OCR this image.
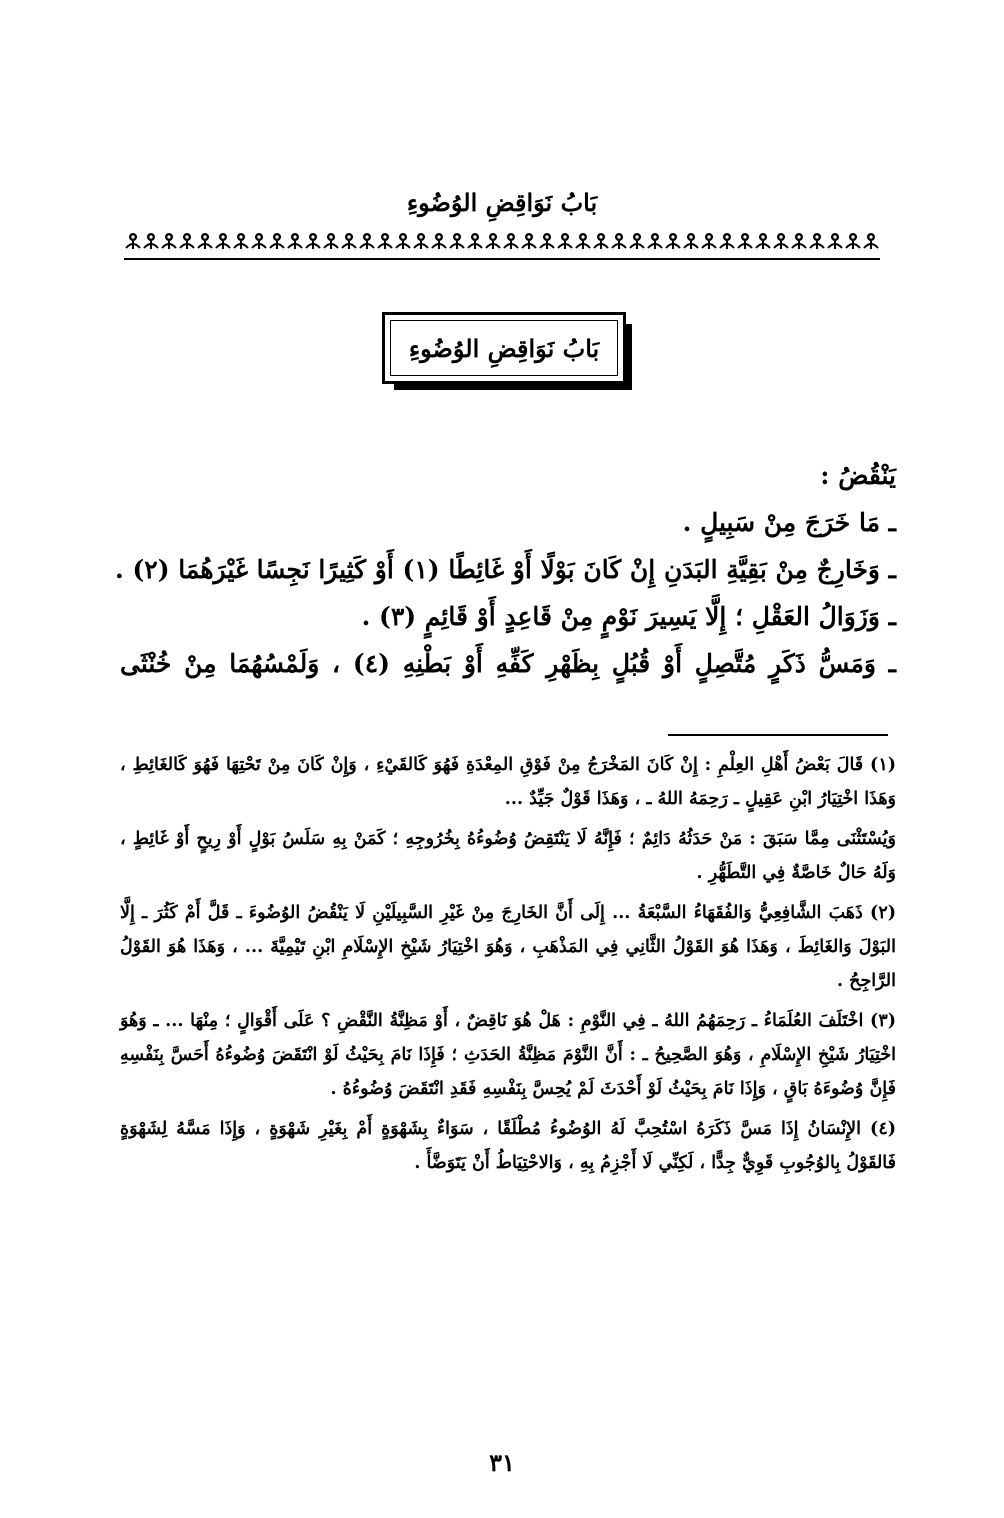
بَابُ نَوَاقِضِ الوُضُوءِ
بَابُ نَوَاقِضِ الوُضُوءِ
يَنْقُضُ :
ـ مَا خَرَجَ مِنْ سَبِيلٍ .
ـ وَخَارِجٌ مِنْ بَقِيَّةِ البَدَنِ إِنْ كَانَ بَوْلًا أَوْ غَائِطًا (١) أَوْ كَثِيرًا نَجِسًا غَيْرَهُمَا (٢) .
ـ وَزَوَالُ العَقْلِ ؛ إِلَّا يَسِيرَ نَوْمٍ مِنْ قَاعِدٍ أَوْ قَائِمٍ (٣) .
ـ وَمَسُّ ذَكَرٍ مُتَّصِلٍ أَوْ قُبُلٍ بِظَهْرِ كَفِّهِ أَوْ بَطْنِهِ (٤) ، وَلَمْسُهُمَا مِنْ خُنْثَى

(١) قَالَ بَعْضُ أَهْلِ العِلْمِ : إِنْ كَانَ المَخْرَجُ مِنْ فَوْقِ المِعْدَةِ فَهُوَ كَالقَيْءِ ، وَإِنْ كَانَ مِنْ تَحْتِهَا فَهُوَ كَالغَائِطِ ، وَهَذَا اخْتِيَارُ ابْنِ عَقِيلٍ ـ رَحِمَهُ اللهُ ـ ، وَهَذَا قَوْلٌ جَيِّدٌ ...

وَيُسْتَثْنَى مِمَّا سَبَقَ : مَنْ حَدَثُهُ دَائِمٌ ؛ فَإِنَّهُ لَا يَنْتَقِضُ وُضُوءُهُ بِخُرُوجِهِ ؛ كَمَنْ بِهِ سَلَسُ بَوْلٍ أَوْ رِيحٍ أَوْ غَائِطٍ ، وَلَهُ حَالٌ خَاصَّةٌ فِي التَّطَهُّرِ .

(٢) ذَهَبَ الشَّافِعِيُّ وَالفُقَهَاءُ السَّبْعَةُ ... إِلَى أَنَّ الخَارِجَ مِنْ غَيْرِ السَّبِيلَيْنِ لَا يَنْقُضُ الوُضُوءَ ـ قَلَّ أَمْ كَثُرَ ـ إِلَّا البَوْلَ وَالغَائِطَ ، وَهَذَا هُوَ القَوْلُ الثَّانِي فِي المَذْهَبِ ، وَهُوَ اخْتِيَارُ شَيْخِ الإِسْلَامِ ابْنِ تَيْمِيَّةَ ... ، وَهَذَا هُوَ القَوْلُ الرَّاجِحُ .

(٣) اخْتَلَفَ العُلَمَاءُ ـ رَحِمَهُمُ اللهُ ـ فِي النَّوْمِ : هَلْ هُوَ نَاقِضٌ ، أَوْ مَظِنَّةُ النَّقْضِ ؟ عَلَى أَقْوَالٍ ؛ مِنْهَا ... ـ وَهُوَ اخْتِيَارُ شَيْخِ الإِسْلَامِ ، وَهُوَ الصَّحِيحُ ـ : أَنَّ النَّوْمَ مَظِنَّةُ الحَدَثِ ؛ فَإِذَا نَامَ بِحَيْثُ لَوْ انْتَقَضَ وُضُوءُهُ أَحَسَّ بِنَفْسِهِ فَإِنَّ وُضُوءَهُ بَاقٍ ، وَإِذَا نَامَ بِحَيْثُ لَوْ أَحْدَثَ لَمْ يُحِسَّ بِنَفْسِهِ فَقَدِ انْتَقَضَ وُضُوءُهُ .

(٤) الإِنْسَانُ إِذَا مَسَّ ذَكَرَهُ اسْتُحِبَّ لَهُ الوُضُوءُ مُطْلَقًا ، سَوَاءٌ بِشَهْوَةٍ أَمْ بِغَيْرِ شَهْوَةٍ ، وَإِذَا مَسَّهُ لِشَهْوَةٍ فَالقَوْلُ بِالوُجُوبِ قَوِيٌّ جِدًّا ، لَكِنِّي لَا أَجْزِمُ بِهِ ، وَالاحْتِيَاطُ أَنْ يَتَوَضَّأَ .

٣١
